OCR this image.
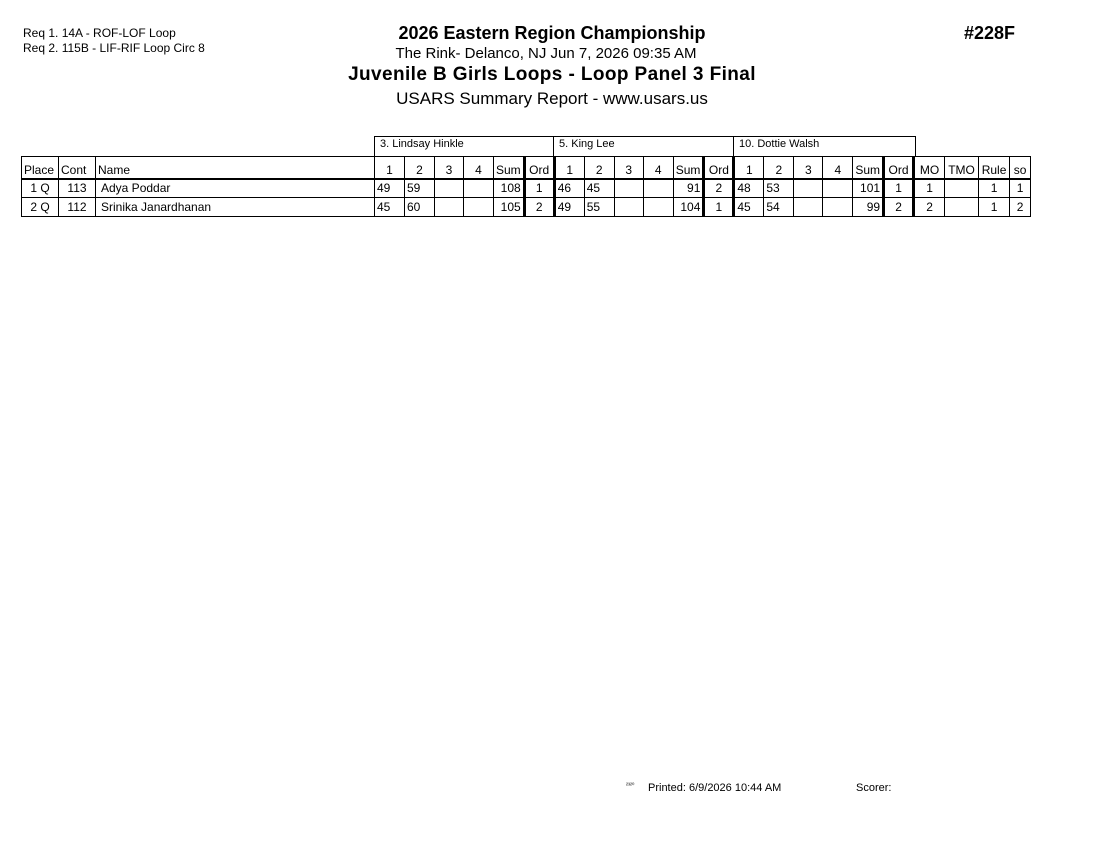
Req 1. 14A - ROF-LOF Loop
Req 2. 115B - LIF-RIF Loop Circ 8
2026 Eastern Region Championship
The Rink- Delanco, NJ Jun 7, 2026 09:35 AM
Juvenile B Girls Loops - Loop Panel 3 Final
USARS Summary Report - www.usars.us
#228F
3. Lindsay Hinkle	5. King Lee	10. Dottie Walsh
Place	Cont	Name	1	2	3	4	Sum	Ord	1	2	3	4	Sum	Ord	1	2	3	4	Sum	Ord	MO	TMO	Rule	so
1 Q	113	Adya Poddar	49	59			108	1	46	45			91	2	48	53			101	1	1		1	1
2 Q	112	Srinika Janardhanan	45	60			105	2	49	55			104	1	45	54			99	2	2		1	2
²³²⁰ Printed: 6/9/2026 10:44 AM	Scorer:
